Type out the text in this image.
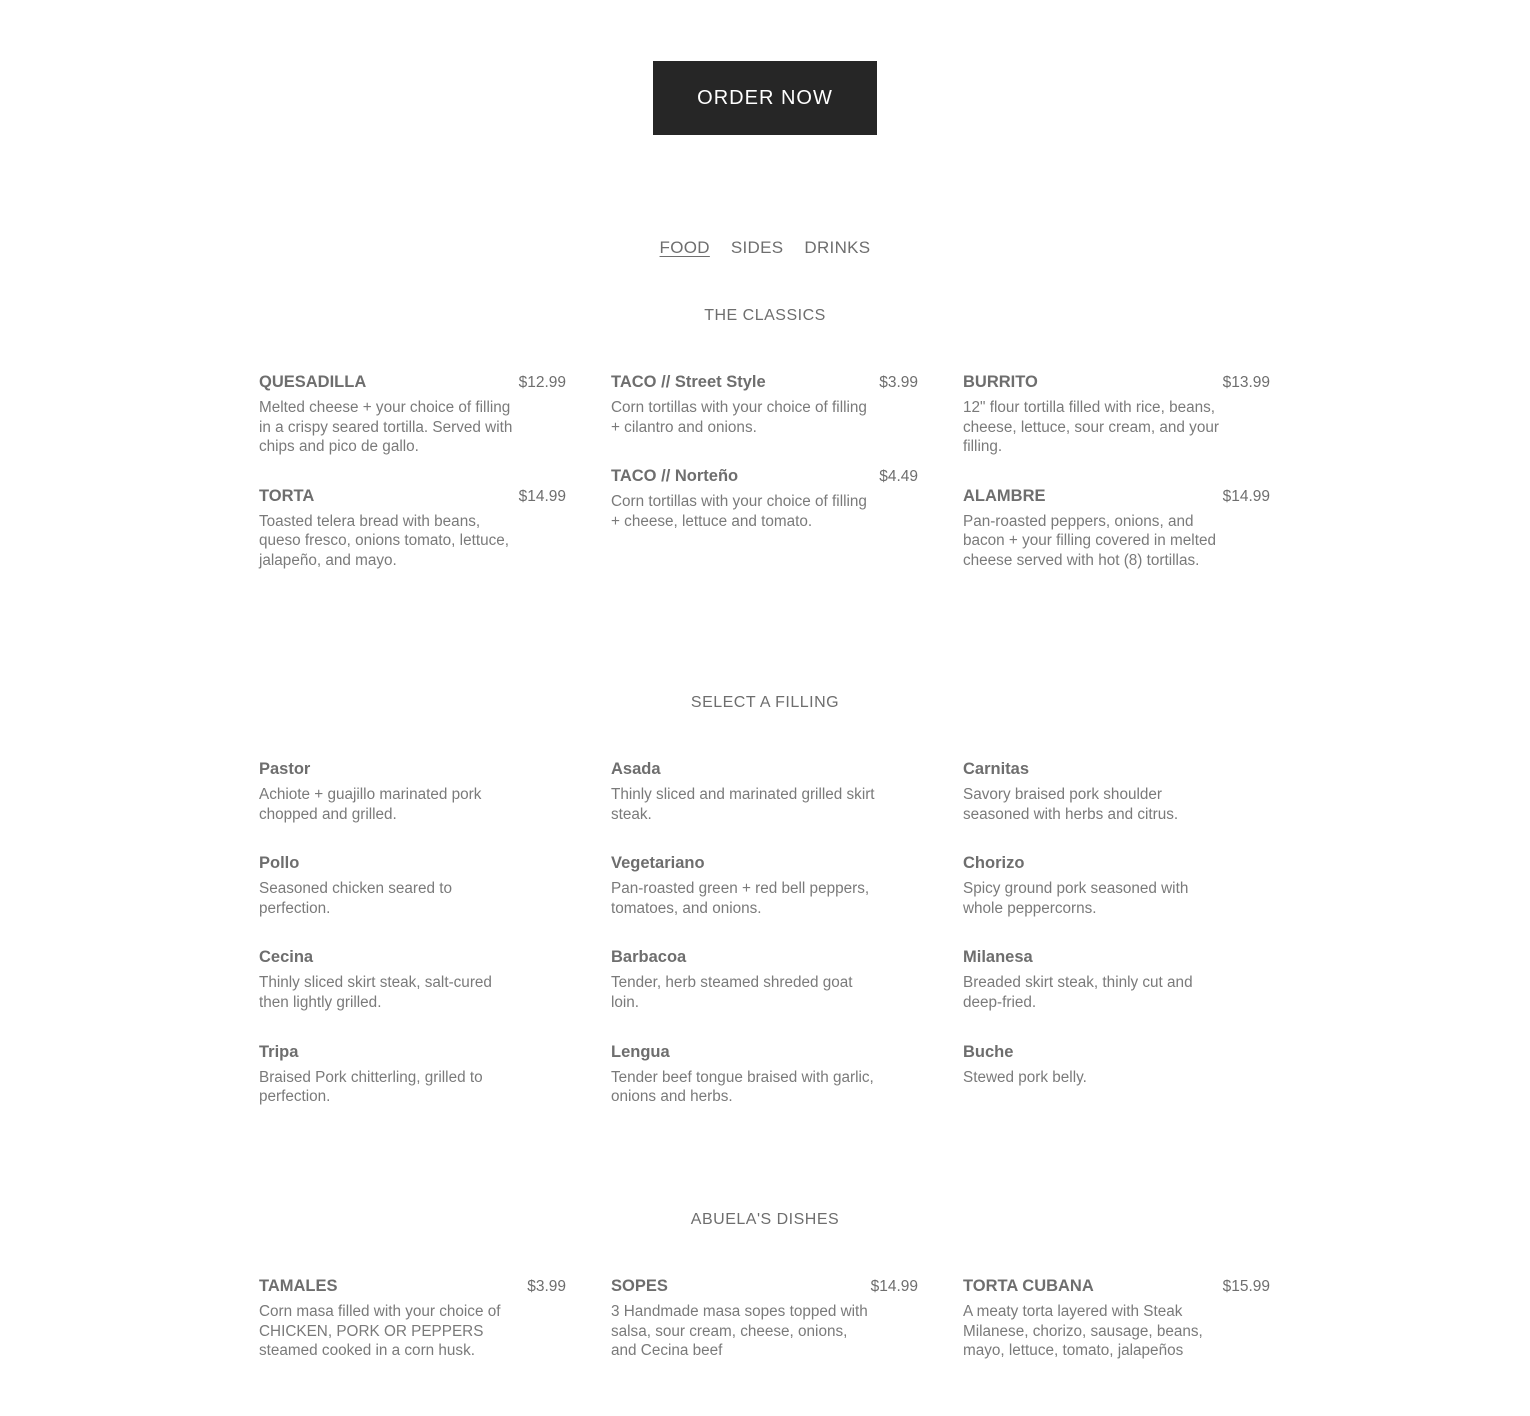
ORDER NOW
FOOD SIDES DRINKS
THE CLASSICS
QUESADILLA	$12.99
Melted cheese + your choice of filling in a crispy seared tortilla. Served with chips and pico de gallo.
TORTA	$14.99
Toasted telera bread with beans, queso fresco, onions tomato, lettuce, jalapeño, and mayo.
TACO // Street Style	$3.99
Corn tortillas with your choice of filling + cilantro and onions.
TACO // Norteño	$4.49
Corn tortillas with your choice of filling + cheese, lettuce and tomato.
BURRITO	$13.99
12" flour tortilla filled with rice, beans, cheese, lettuce, sour cream, and your filling.
ALAMBRE	$14.99
Pan-roasted peppers, onions, and bacon + your filling covered in melted cheese served with hot (8) tortillas.
SELECT A FILLING
Pastor
Achiote + guajillo marinated pork chopped and grilled.
Pollo
Seasoned chicken seared to perfection.
Cecina
Thinly sliced skirt steak, salt-cured then lightly grilled.
Tripa
Braised Pork chitterling, grilled to perfection.
Asada
Thinly sliced and marinated grilled skirt steak.
Vegetariano
Pan-roasted green + red bell peppers, tomatoes, and onions.
Barbacoa
Tender, herb steamed shreded goat loin.
Lengua
Tender beef tongue braised with garlic, onions and herbs.
Carnitas
Savory braised pork shoulder seasoned with herbs and citrus.
Chorizo
Spicy ground pork seasoned with whole peppercorns.
Milanesa
Breaded skirt steak, thinly cut and deep-fried.
Buche
Stewed pork belly.
ABUELA'S DISHES
TAMALES	$3.99
Corn masa filled with your choice of CHICKEN, PORK OR PEPPERS steamed cooked in a corn husk.
SOPES	$14.99
3 Handmade masa sopes topped with salsa, sour cream, cheese, onions, and Cecina beef
TORTA CUBANA	$15.99
A meaty torta layered with Steak Milanese, chorizo, sausage, beans, mayo, lettuce, tomato, jalapeños
